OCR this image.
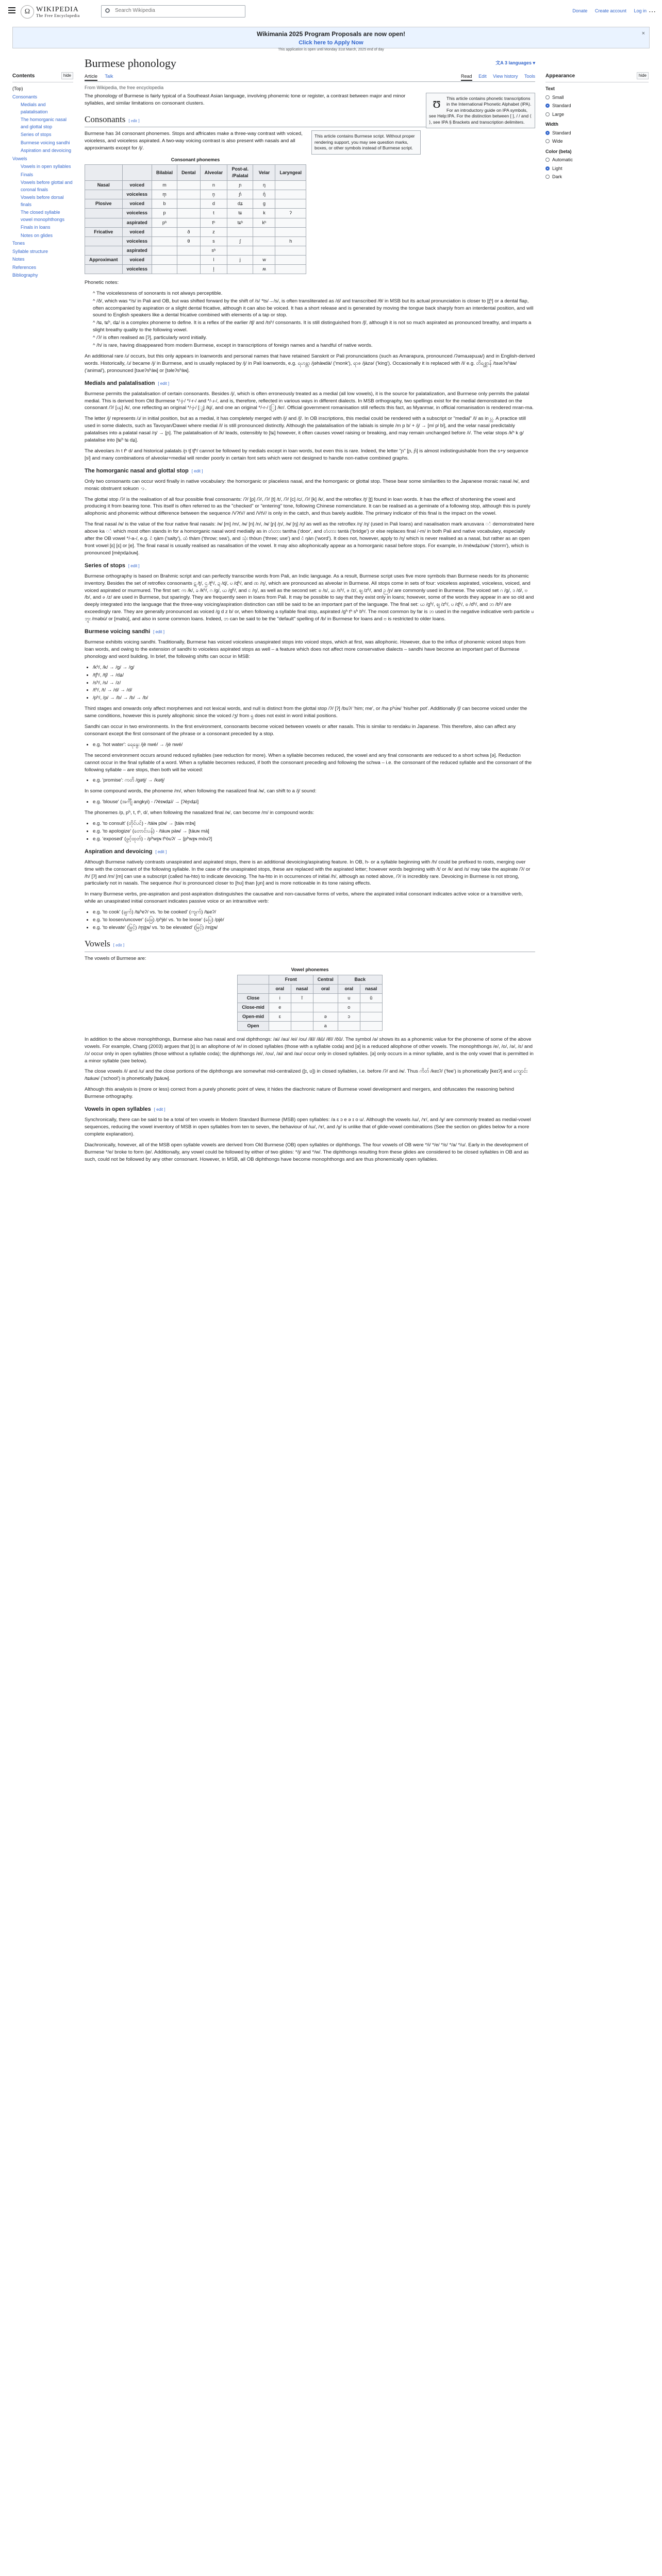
Ω WIKIPEDIA
The Free Encyclopedia
Search Wikipedia
Donate Create account Log in ⋯
Wikimania 2025 Program Proposals are now open!
Click here to Apply Now
This application is open until Monday 31st March, 2025 end of day
×
Contents	hide
(Top)
Consonants
Medials and palatalisation
The homorganic nasal and glottal stop
Series of stops
Burmese voicing sandhi
Aspiration and devoicing
Vowels
Vowels in open syllables
Finals
Vowels before glottal and coronal finals
Vowels before dorsal finals
The closed syllable vowel monophthongs
Finals in loans
Notes on glides
Tones
Syllable structure
Notes
References
Bibliography
Burmese phonology	文A 3 languages ▾
Article Talk	Read Edit View history Tools
From Wikipedia, the free encyclopedia
Appearance	hide
Text
Small
Standard
Large
Width
Standard
Wide
Color (beta)
Automatic
Light
Dark
ʊ	This article contains phonetic transcriptions in the International Phonetic Alphabet (IPA). For an introductory guide on IPA symbols, see Help:IPA. For the distinction between [ ], / / and ⟨ ⟩, see IPA § Brackets and transcription delimiters.

The phonology of Burmese is fairly typical of a Southeast Asian language, involving phonemic tone or register, a contrast between major and minor syllables, and similar limitations on consonant clusters.

Consonants [ edit ]
This article contains Burmese script. Without proper rendering support, you may see question marks, boxes, or other symbols instead of Burmese script.

Burmese has 34 consonant phonemes. Stops and affricates make a three-way contrast with voiced, voiceless, and voiceless aspirated. A two-way voicing contrast is also present with nasals and all approximants except for /j/.

Consonant phonemes
		Bilabial	Dental	Alveolar	Post-al. /Palatal	Velar	Laryngeal
Nasal	voiced	m		n	ɲ	ŋ	
	voiceless	m̥		n̥	ɲ̊	ŋ̊	
Plosive	voiced	b		d	dʑ	ɡ	
	voiceless	p		t	tɕ	k	ʔ
	aspirated	pʰ		tʰ	tɕʰ	kʰ	
Fricative	voiced		ð	z			
	voiceless		θ	s	ʃ		h
	aspirated			sʰ			
Approximant	voiced			l	j	w	
	voiceless			l̥		ʍ	

Phonetic notes:

^ The voicelessness of sonorants is not always perceptible.
^ /ð/, which was */s/ in Pali and OB, but was shifted forward by the shift of /s/ *ts/→/s/, is often transliterated as /d/ and transcribed /θ/ in MSB but its actual pronunciation is closer to [t̪ʰ] or a dental flap, often accompanied by aspiration or a slight dental fricative, although it can also be voiced. It has a short release and is generated by moving the tongue back sharply from an interdental position, and will sound to English speakers like a dental fricative combined with elements of a tap or stop.
^ /tɕ, tɕʰ, dʑ/ is a complex phoneme to define. It is a reflex of the earlier /tʃ/ and /tsʰ/ consonants. It is still distinguished from /ʃ/, although it is not so much aspirated as pronounced breathy, and imparts a slight breathy quality to the following vowel.
^ /ʔ/ is often realised as [ʔ], particularly word initially.
^ /h/ is rare, having disappeared from modern Burmese, except in transcriptions of foreign names and a handful of native words.

An additional rare /ɹ/ occurs, but this only appears in loanwords and personal names that have retained Sanskrit or Pali pronunciations (such as Amarapura, pronounced /ʔəmaɹəpuɹa/) and in English-derived words. Historically, /ɹ/ became /j/ in Burmese, and is usually replaced by /j/ in Pali loanwords, e.g. ရဟန္တာ /jəhàɴdà/ ('monk'), ရာဇ /jàzə/ ('king'). Occasionally it is replaced with /l/ e.g. တိရစ္ဆာန် /təɹeʔsʰàɴ/ ('animal'), pronounced [təɹeʔsʰàɴ] or [təleʔsʰàɴ].

Medials and palatalisation [ edit ]

Burmese permits the palatalisation of certain consonants. Besides /j/, which is often erroneously treated as a medial (all low vowels), it is the source for palatalization, and Burmese only permits the palatal medial. This is derived from Old Burmese */-j-/ */-r-/ and */-ɹ-/, and is, therefore, reflected in various ways in different dialects. In MSB orthography, two spellings exist for the medial demonstrated on the consonant /ʔ/ [ၾ] /k/, one reflecting an original */-j-/ [ျ] /kj/, and one an original */-r-/ [ြ] /kr/. Official government romanisation still reflects this fact, as Myanmar, in official romanisation is rendered mran-ma.

The letter /j/ represents /ɹ/ in initial position, but as a medial, it has completely merged with /j/ and /ʃ/. In OB inscriptions, this medial could be rendered with a subscript or "medial" /l/ as in ပ္လ. A practice still used in some dialects, such as Tavoyan/Dawei where medial /l/ is still pronounced distinctly. Although the palatalisation of the labials is simple /m p b/ + /j/ → [mʲ pʲ bʲ], and the velar nasal predictably palatalises into a palatal nasal /ŋ/ → [ɲ]. The palatalisation of /k/ leads, ostensibly to [tɕ] however, it often causes vowel raising or breaking, and may remain unchanged before /i/. The velar stops /kʰ k ɡ/ palatalise into [tɕʰ tɕ dʑ].

The alveolars /n t tʰ d/ and historical palatals /ɲ tʃ tʃʰ/ cannot be followed by medials except in loan words, but even this is rare. Indeed, the letter "ɲ" [ɲ, ɲ̊] is almost indistinguishable from the s+y sequence [sʲ] and many combinations of alveolar+medial will render poorly in certain font sets which were not designed to handle non-native combined graphs.

The homorganic nasal and glottal stop [ edit ]

Only two consonants can occur word finally in native vocabulary: the homorganic or placeless nasal, and the homorganic or glottal stop. These bear some similarities to the Japanese moraic nasal /ɴ/, and moraic obstruent sokuon っ.

The glottal stop /ʔ/ is the realisation of all four possible final consonants: /ʔ/ [p] /ʔ/, /ʔ/ [t] /t/, /ʔ/ [c] /c/, /ʔ/ [k] /k/, and the retroflex /ʈ/ [ʈ] found in loan words. It has the effect of shortening the vowel and producing it from bearing tone. This itself is often referred to as the "checked" or "entering" tone, following Chinese nomenclature. It can be realised as a geminate of a following stop, although this is purely allophonic and phonemic without difference between the sequence /VʔtV/ and /VtV/ is only in the catch, and thus barely audible. The primary indicator of this final is the impact on the vowel.

The final nasal /ɴ/ is the value of the four native final nasals: /ɴ/ [m] /m/, /ɴ/ [n] /n/, /ɴ/ [ɲ] /ɲ/, /ɴ/ [ŋ] /ŋ/ as well as the retroflex /ɳ/ /ɳ/ (used in Pali loans) and nasalisation mark anusvara ◌ံ demonstrated here above ka ◌ံ which most often stands in for a homorganic nasal word medially as in တံတား tantha ('door', and တံတား tantà ('bridge') or else replaces final /-m/ in both Pali and native vocabulary, especially after the OB vowel */-a-/, e.g. ငံ ŋàm ('salty'), ထံ thàm ('throw; sea'), and သုံး thòun ('three; use') and ငံ ŋàn ('word'). It does not, however, apply to /ɳ/ which is never realised as a nasal, but rather as an open front vowel [ɛ] [ɛ] or [e]. The final nasal is usually realised as nasalisation of the vowel. It may also allophonically appear as a homorganic nasal before stops. For example, in /mèɴdʑòuɴ/ ('storm'), which is pronounced [mèɲdʑòuɴ].

Series of stops [ edit ]

Burmese orthography is based on Brahmic script and can perfectly transcribe words from Pali, an Indic language. As a result, Burmese script uses five more symbols than Burmese needs for its phonemic inventory. Besides the set of retroflex consonants ဋ /ʈ/, ဌ /ʈʰ/, ဍ /ɖ/, ဎ /ɖʰ/, and ဏ /ɳ/, which are pronounced as alveolar in Burmese. All stops come in sets of four: voiceless aspirated, voiceless, voiced, and voiced aspirated or murmured. The first set: က /k/, ခ /kʰ/, ဂ /ɡ/, ဃ /ɡʱ/, and င /ŋ/, as well as the second set: စ /s/, ဆ /sʰ/, ဇ /z/, ဈ /zʱ/, and ဉ /ɲ/ are commonly used in Burmese. The voiced set ဂ /ɡ/, ဒ /d/, ဗ /b/, and ဇ /z/ are used in Burmese, but sparingly. They are frequently seen in loans from Pali. It may be possible to say that they exist only in loans; however, some of the words they appear in are so old and deeply integrated into the language that the three-way voicing/aspiration distinction can still be said to be an important part of the language. The final set: ဃ /ɡʱ/, ဈ /zʱ/, ဎ /ɖʰ/, ဓ /dʰ/, and ဘ /bʱ/ are exceedingly rare. They are generally pronounced as voiced /ɡ d z b/ or, when following a syllable final stop, aspirated /ɡʰ tʰ sʰ bʰ/. The most common by far is ဘ used in the negative indicative verb particle မဘူး /məbú/ or [məbù], and also in some common loans. Indeed, ဘ can be said to be the "default" spelling of /b/ in Burmese for loans and ဗ is restricted to older loans.

Burmese voicing sandhi [ edit ]

Burmese exhibits voicing sandhi. Traditionally, Burmese has voiced voiceless unaspirated stops into voiced stops, which at first, was allophonic. However, due to the influx of phonemic voiced stops from loan words, and owing to the extension of sandhi to voiceless aspirated stops as well – a feature which does not affect more conservative dialects – sandhi have become an important part of Burmese phonology and word building. In brief, the following shifts can occur in MSB:

• /kʰ/, /k/ → /ɡ/ → /ɡ/
• /tʃʰ/, /tʃ/ → /dʑ/
• /sʰ/, /s/ → /z/
• /tʰ/, /t/ → /d/ → /d/
• /pʰ/, /p/ → /b/ → /b/ → /b/

Third stages and onwards only affect morphemes and not lexical words, and null is distinct from the glottal stop /ʔ/ [ʔ] /buʔ/ 'him; me', or /hə pʰʊ̀ɴ/ 'his/her pot'. Additionally /ʃ/ can become voiced under the same conditions, however this is purely allophonic since the voiced /ʒ/ from ရှ does not exist in word initial positions.

Sandhi can occur in two environments. In the first environment, consonants become voiced between vowels or after nasals. This is similar to rendaku in Japanese. This therefore, also can affect any consonant except the first consonant of the phrase or a consonant preceded by a stop.

• e.g. 'hot water': ရေနွေး /jè nwé/ → /jè nwé/

The second environment occurs around reduced syllables (see reduction for more). When a syllable becomes reduced, the vowel and any final consonants are reduced to a short schwa [ə]. Reduction cannot occur in the final syllable of a word. When a syllable becomes reduced, if both the consonant preceding and following the schwa – i.e. the consonant of the reduced syllable and the consonant of the following syllable – are stops, then both will be voiced:

• e.g. 'promise': ကတိ /ɡətḭ/ → /kətḭ/

In some compound words, the phoneme /m/, when following the nasalized final /ɴ/, can shift to a /j/ sound:

• e.g. 'blouse' (အင်္ကျီ angkyi) - /ʔèɪɴdʑí/ → [ʔèɲdʑí]

The phonemes /p, pʰ, t, tʰ, d/, when following the nasalized final /ɴ/, can become /m/ in compound words:

• e.g. 'to consult' (တိုင်ပင်) - /táiɴ pɪ̀ɴ/ → [táiɴ mɪ̀ɴ]
• e.g. 'to apologize' (တောင်းပန်) - /táuɴ pàɴ/ → [táuɴ mà]
• e.g. 'exposed' (ဖွင့်ထုတ်) - /pʰwɪ̰ɴ tʰòuʔ/ → [pʰwɪ̰ɴ mòuʔ]
Aspiration and devoicing [ edit ]

Although Burmese natively contrasts unaspirated and aspirated stops, there is an additional devoicing/aspirating feature. In OB, h- or a syllable beginning with /h/ could be prefixed to roots, merging over time with the consonant of the following syllable. In the case of the unaspirated stops, these are replaced with the aspirated letter; however words beginning with /t/ or /k/ and /s/ may take the aspirate /ʔ/ or /h/ [ʔ] and /m/ [m] can use a subscript (called ha-hto) to indicate devoicing. The ha-hto in in occurrences of initial /h/, although as noted above, /ʔ/ is incredibly rare. Devoicing in Burmese is not strong, particularly not in nasals. The sequence /hʊ/ is pronounced closer to [hʊ] than [ʊ̥n] and is more noticeable in its tone raising effects.

In many Burmese verbs, pre-aspiration and post-aspiration distinguishes the causative and non-causative forms of verbs, where the aspirated initial consonant indicates active voice or a transitive verb, while an unaspirated initial consonant indicates passive voice or an intransitive verb:

• e.g. 'to cook' (ချက်) /tɕʰeʔ/ vs. 'to be cooked' (ကျက်) /tɕeʔ/
• e.g. 'to loosen/uncover' (ဖြေ) /pʰjè/ vs. 'to be loose' (ပြေ) /pjè/
• e.g. 'to elevate' (မြှင့်) /m̥jɪ̰ɴ/ vs. 'to be elevated' (မြင့်) /mjɪ̰ɴ/
Vowels [ edit ]

The vowels of Burmese are:

Vowel phonemes
	Front		Central	Back	
	oral	nasal	oral	oral	nasal
Close	i	ĩ		u	ũ
Close-mid	e			o	
Open-mid	ɛ		ə	ɔ	
Open			a		

In addition to the above monophthongs, Burmese also has nasal and oral diphthongs: /ai/ /au/ /ei/ /ou/ /ãĩ/ /ãũ/ /ẽĩ/ /õũ/. The symbol /ə/ shows its as a phonemic value for the phoneme of some of the above vowels. For example, Chang (2003) argues that [ɪ] is an allophone of /e/ in closed syllables (those with a syllable coda) and [ə] is a reduced allophone of other vowels. The monophthongs /e/, /o/, /ə/, /ɛ/ and /ɔ/ occur only in open syllables (those without a syllable coda); the diphthongs /ei/, /ou/, /ai/ and /au/ occur only in closed syllables. [ə] only occurs in a minor syllable, and is the only vowel that is permitted in a minor syllable (see below).

The close vowels /i/ and /u/ and the close portions of the diphthongs are somewhat mid-centralized ([ɪ, ʊ]) in closed syllables, i.e. before /ʔ/ and /ɴ/. Thus ကိတ် /keɪʔ/ ('fee') is phonetically [keɪʔ] and ကျောင်း /tɕáuɴ/ ('school') is phonetically [tɕáʊɴ].

Although this analysis is (more or less) correct from a purely phonetic point of view, it hides the diachronic nature of Burmese vowel development and mergers, and obfuscates the reasoning behind Burmese orthography.

Vowels in open syllables [ edit ]

Synchronically, there can be said to be a total of ten vowels in Modern Standard Burmese (MSB) open syllables: /a ɛ ɔ e ə ɪ o u/. Although the vowels /ɯ/, /ɤ/, and /ɣ/ are commonly treated as medial-vowel sequences, reducing the vowel inventory of MSB in open syllables from ten to seven, the behaviour of /ɯ/, /ɤ/, and /ɣ/ is unlike that of glide-vowel combinations (See the section on glides below for a more complete explanation).

Diachronically, however, all of the MSB open syllable vowels are derived from Old Burmese (OB) open syllables or diphthongs. The four vowels of OB were */i/ */e/ */ɛ/ */a/ */u/. Early in the development of Burmese */e/ broke to form /je/. Additionally, any vowel could be followed by either of two glides: */j/ and */w/. The diphthongs resulting from these glides are considered to be closed syllables in OB and as such, could not be followed by any other consonant. However, in MSB, all OB diphthongs have become monophthongs and are thus phonemically open syllables.
